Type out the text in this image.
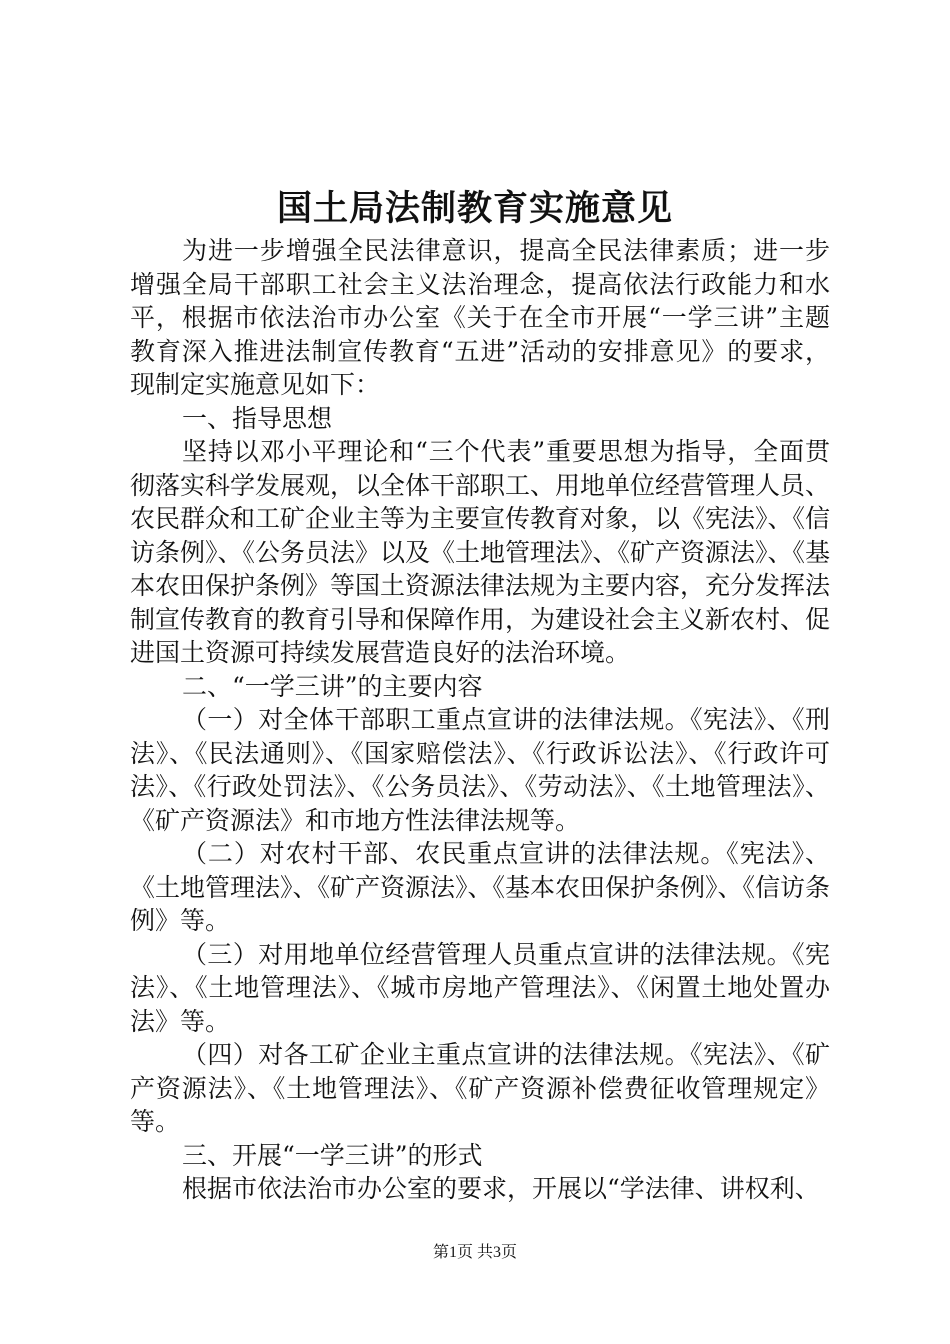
国土局法制教育实施意见

为进一步增强全民法律意识，提高全民法律素质；进一步增强全局干部职工社会主义法治理念，提高依法行政能力和水平，根据市依法治市办公室《关于在全市开展“一学三讲”主题教育深入推进法制宣传教育“五进”活动的安排意见》的要求，现制定实施意见如下：

一、指导思想

坚持以邓小平理论和“三个代表”重要思想为指导，全面贯彻落实科学发展观，以全体干部职工、用地单位经营管理人员、农民群众和工矿企业主等为主要宣传教育对象，以《宪法》、《信访条例》、《公务员法》以及《土地管理法》、《矿产资源法》、《基本农田保护条例》等国土资源法律法规为主要内容，充分发挥法制宣传教育的教育引导和保障作用，为建设社会主义新农村、促进国土资源可持续发展营造良好的法治环境。

二、“一学三讲”的主要内容

（一）对全体干部职工重点宣讲的法律法规。《宪法》、《刑法》、《民法通则》、《国家赔偿法》、《行政诉讼法》、《行政许可法》、《行政处罚法》、《公务员法》、《劳动法》、《土地管理法》、《矿产资源法》和市地方性法律法规等。

（二）对农村干部、农民重点宣讲的法律法规。《宪法》、《土地管理法》、《矿产资源法》、《基本农田保护条例》、《信访条例》等。

（三）对用地单位经营管理人员重点宣讲的法律法规。《宪法》、《土地管理法》、《城市房地产管理法》、《闲置土地处置办法》等。

（四）对各工矿企业主重点宣讲的法律法规。《宪法》、《矿产资源法》、《土地管理法》、《矿产资源补偿费征收管理规定》等。

三、开展“一学三讲”的形式

根据市依法治市办公室的要求，开展以“学法律、讲权利、

第1页 共3页
